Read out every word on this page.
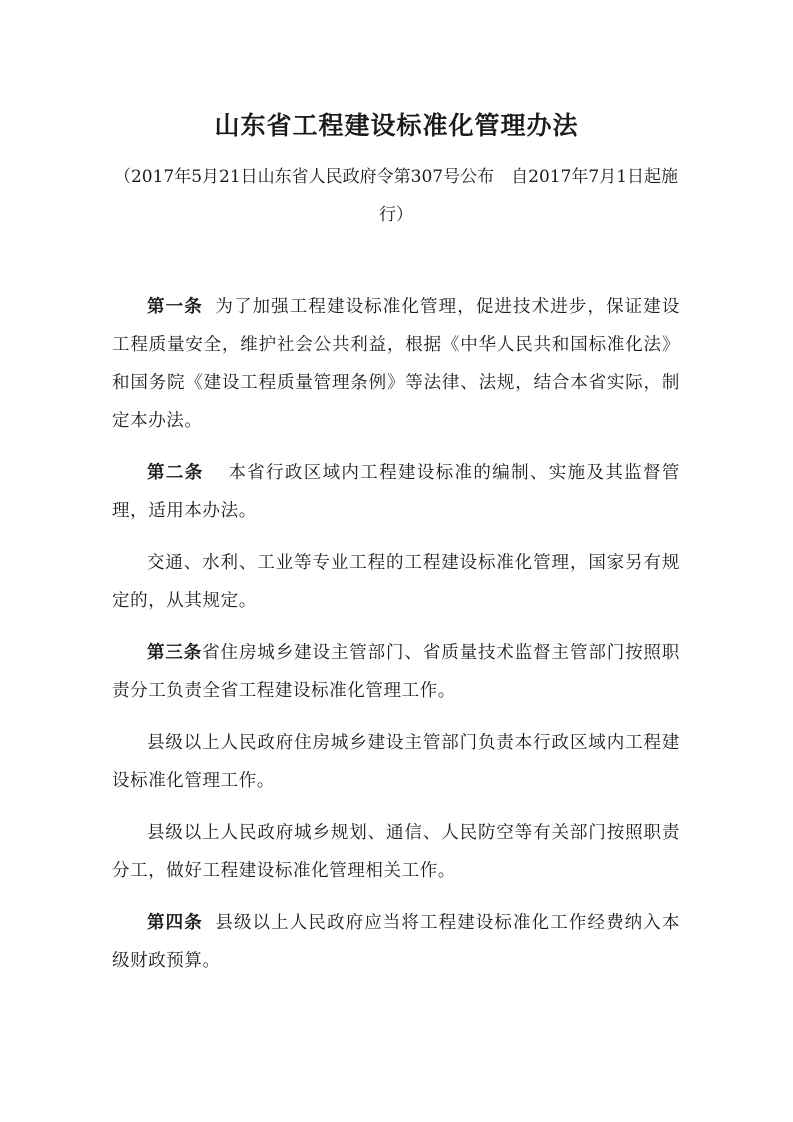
山东省工程建设标准化管理办法

（2017年5月21日山东省人民政府令第307号公布　自2017年7月1日起施行）

第一条 为了加强工程建设标准化管理，促进技术进步，保证建设工程质量安全，维护社会公共利益，根据《中华人民共和国标准化法》和国务院《建设工程质量管理条例》等法律、法规，结合本省实际，制定本办法。

第二条 本省行政区域内工程建设标准的编制、实施及其监督管理，适用本办法。

交通、水利、工业等专业工程的工程建设标准化管理，国家另有规定的，从其规定。

第三条省住房城乡建设主管部门、省质量技术监督主管部门按照职责分工负责全省工程建设标准化管理工作。

县级以上人民政府住房城乡建设主管部门负责本行政区域内工程建设标准化管理工作。

县级以上人民政府城乡规划、通信、人民防空等有关部门按照职责分工，做好工程建设标准化管理相关工作。

第四条 县级以上人民政府应当将工程建设标准化工作经费纳入本级财政预算。
